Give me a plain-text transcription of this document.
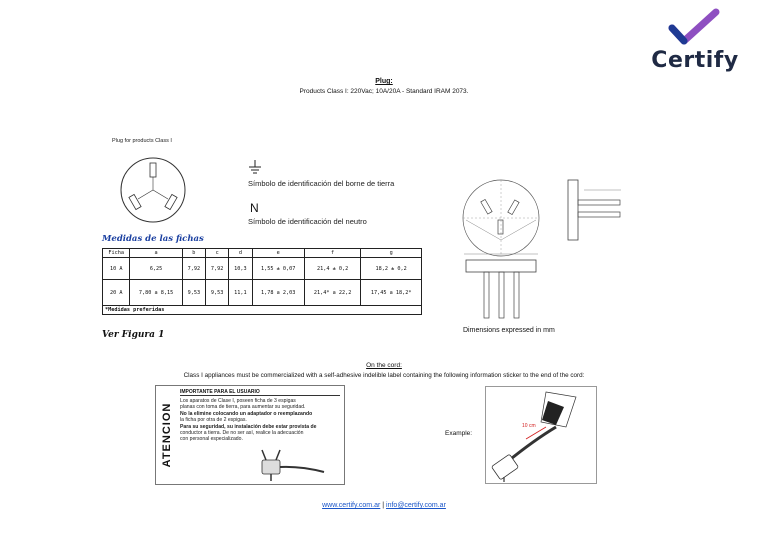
Certify
Plug:
Products Class I: 220Vac; 10A/20A - Standard IRAM 2073.
Plug for products Class I
Símbolo de identificación del borne de tierra
N
Símbolo de identificación del neutro
Medidas de las fichas
Ficha	a	b	c	d	e	f	g
10 A	6,25	7,92	7,92	10,3	1,55 ± 0,07	21,4 ± 0,2	18,2 ± 0,2
20 A	7,80 a 8,15	9,53	9,53	11,1	1,78 a 2,03	21,4* a 22,2	17,45 a 18,2*
*Medidas preferidas							
Ver Figura 1	Dimensions expressed in mm
On the cord:
Class I appliances must be commercialized with a self-adhesive indelible label containing the following information sticker to the end of the cord:
ATENCION
IMPORTANTE PARA EL USUARIO
Los aparatos de Clase I, poseen ficha de 3 espigas
planas con toma de tierra, para aumentar su seguridad.
No la elimine colocando un adaptador o reemplazando
la ficha por otra de 2 espigas.
Para su seguridad, su instalación debe estar provista de
conductor a tierra. De no ser así, realice la adecuación
con personal especializado.
Example:
10 cm
www.certify.com.ar | info@certify.com.ar
